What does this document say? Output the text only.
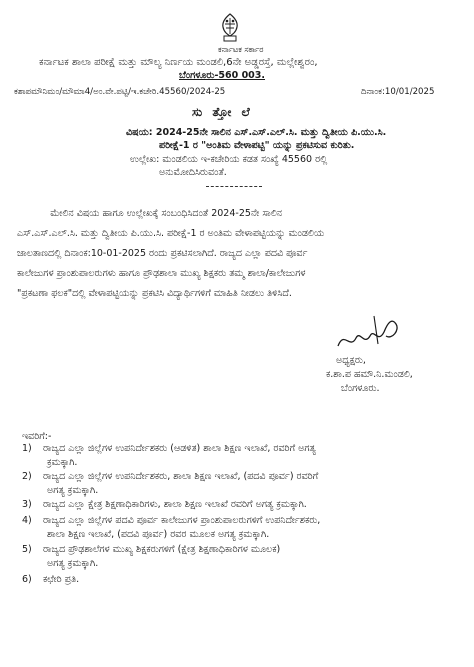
ಕರ್ನಾಟಕ ಸರ್ಕಾರ
ಕರ್ನಾಟಕ ಶಾಲಾ ಪರೀಕ್ಷೆ ಮತ್ತು ಮೌಲ್ಯ ನಿರ್ಣಯ ಮಂಡಲಿ,6ನೇ ಅಡ್ಡರಸ್ತೆ, ಮಲ್ಲೇಶ್ವರಂ,
ಬೆಂಗಳೂರು-560 003.
ಕಶಾಪಮೌನಿಮಂ/ಮೌಮಾ4/ಅಂ.ವೇ.ಪಟ್ಟಿ/ಇ.ಕಚೇರಿ.45560/2024-25	ದಿನಾಂಕ:10/01/2025
ಸು ತ್ತೋ ಲೆ
ವಿಷಯ: 2024-25ನೇ ಸಾಲಿನ ಎಸ್.ಎಸ್.ಎಲ್.ಸಿ. ಮತ್ತು ದ್ವಿತೀಯ ಪಿ.ಯು.ಸಿ.
ಪರೀಕ್ಷೆ-1 ರ "ಅಂತಿಮ ವೇಳಾಪಟ್ಟಿ" ಯನ್ನು ಪ್ರಕಟಿಸುವ ಕುರಿತು.
ಉಲ್ಲೇಖ: ಮಂಡಲಿಯ ಇ-ಕಚೇರಿಯ ಕಡತ ಸಂಖ್ಯೆ 45560 ರಲ್ಲಿ
ಅನುಮೋದಿಸಿರುವಂತೆ.
ಮೇಲಿನ ವಿಷಯ ಹಾಗೂ ಉಲ್ಲೇಖಕ್ಕೆ ಸಂಬಂಧಿಸಿದಂತೆ 2024-25ನೇ ಸಾಲಿನ
ಎಸ್.ಎಸ್.ಎಲ್.ಸಿ. ಮತ್ತು ದ್ವಿತೀಯ ಪಿ.ಯು.ಸಿ. ಪರೀಕ್ಷೆ-1 ರ ಅಂತಿಮ ವೇಳಾಪಟ್ಟಿಯನ್ನು ಮಂಡಲಿಯ
ಜಾಲತಾಣದಲ್ಲಿ ದಿನಾಂಕ:10-01-2025 ರಂದು ಪ್ರಕಟಿಸಲಾಗಿದೆ. ರಾಜ್ಯದ ಎಲ್ಲಾ ಪದವಿ ಪೂರ್ವ
ಕಾಲೇಜುಗಳ ಪ್ರಾಂಶುಪಾಲರುಗಳು ಹಾಗೂ ಪ್ರೌಢಶಾಲಾ ಮುಖ್ಯ ಶಿಕ್ಷಕರು ತಮ್ಮ ಶಾಲಾ/ಕಾಲೇಜುಗಳ
"ಪ್ರಕಟಣಾ ಫಲಕ"ದಲ್ಲಿ ವೇಳಾಪಟ್ಟಿಯನ್ನು ಪ್ರಕಟಿಸಿ ವಿದ್ಯಾರ್ಥಿಗಳಿಗೆ ಮಾಹಿತಿ ನೀಡಲು ತಿಳಿಸಿದೆ.
ಅಧ್ಯಕ್ಷರು,
ಕ.ಶಾ.ಪ ಹಮೌ.ನಿ.ಮಂಡಲಿ,
ಬೆಂಗಳೂರು.
ಇವರಿಗೆ:-
1) ರಾಜ್ಯದ ಎಲ್ಲಾ ಜಿಲ್ಲೆಗಳ ಉಪನಿರ್ದೇಶಕರು (ಆಡಳಿತ) ಶಾಲಾ ಶಿಕ್ಷಣ ಇಲಾಖೆ, ರವರಿಗೆ ಅಗತ್ಯ
ಕ್ರಮಕ್ಕಾಗಿ.
2) ರಾಜ್ಯದ ಎಲ್ಲಾ ಜಿಲ್ಲೆಗಳ ಉಪನಿರ್ದೇಶಕರು, ಶಾಲಾ ಶಿಕ್ಷಣ ಇಲಾಖೆ, (ಪದವಿ ಪೂರ್ವ) ರವರಿಗೆ
ಅಗತ್ಯ ಕ್ರಮಕ್ಕಾಗಿ.
3) ರಾಜ್ಯದ ಎಲ್ಲಾ ಕ್ಷೇತ್ರ ಶಿಕ್ಷಣಾಧಿಕಾರಿಗಳು, ಶಾಲಾ ಶಿಕ್ಷಣ ಇಲಾಖೆ ರವರಿಗೆ ಅಗತ್ಯ ಕ್ರಮಕ್ಕಾಗಿ.
4) ರಾಜ್ಯದ ಎಲ್ಲಾ ಜಿಲ್ಲೆಗಳ ಪದವಿ ಪೂರ್ವ ಕಾಲೇಜುಗಳ ಪ್ರಾಂಶುಪಾಲರುಗಳಿಗೆ ಉಪನಿರ್ದೇಶಕರು,
ಶಾಲಾ ಶಿಕ್ಷಣ ಇಲಾಖೆ, (ಪದವಿ ಪೂರ್ವ) ರವರ ಮೂಲಕ ಅಗತ್ಯ ಕ್ರಮಕ್ಕಾಗಿ.
5) ರಾಜ್ಯದ ಪ್ರೌಢಶಾಲೆಗಳ ಮುಖ್ಯ ಶಿಕ್ಷಕರುಗಳಿಗೆ (ಕ್ಷೇತ್ರ ಶಿಕ್ಷಣಾಧಿಕಾರಿಗಳ ಮೂಲಕ)
ಅಗತ್ಯ ಕ್ರಮಕ್ಕಾಗಿ.
6) ಕಛೇರಿ ಪ್ರತಿ.
